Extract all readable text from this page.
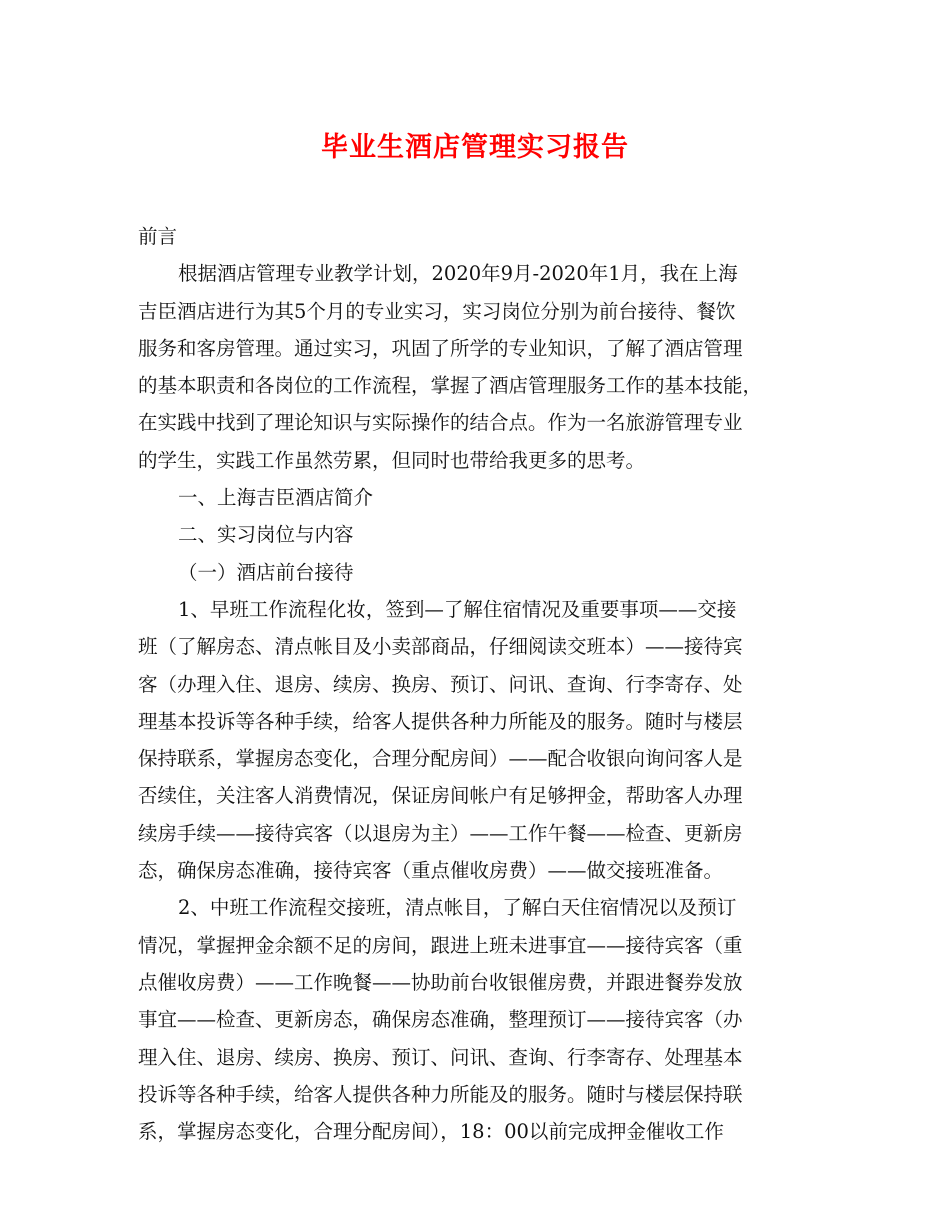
毕业生酒店管理实习报告
前言
根据酒店管理专业教学计划，2020年9月-2020年1月，我在上海
吉臣酒店进行为其5个月的专业实习，实习岗位分别为前台接待、餐饮
服务和客房管理。通过实习，巩固了所学的专业知识，了解了酒店管理
的基本职责和各岗位的工作流程，掌握了酒店管理服务工作的基本技能，
在实践中找到了理论知识与实际操作的结合点。作为一名旅游管理专业
的学生，实践工作虽然劳累，但同时也带给我更多的思考。
一、上海吉臣酒店简介
二、实习岗位与内容
（一）酒店前台接待
1、早班工作流程化妆，签到—了解住宿情况及重要事项——交接
班（了解房态、清点帐目及小卖部商品，仔细阅读交班本）——接待宾
客（办理入住、退房、续房、换房、预订、问讯、查询、行李寄存、处
理基本投诉等各种手续，给客人提供各种力所能及的服务。随时与楼层
保持联系，掌握房态变化，合理分配房间）——配合收银向询问客人是
否续住，关注客人消费情况，保证房间帐户有足够押金，帮助客人办理
续房手续——接待宾客（以退房为主）——工作午餐——检查、更新房
态，确保房态准确，接待宾客（重点催收房费）——做交接班准备。
2、中班工作流程交接班，清点帐目，了解白天住宿情况以及预订
情况，掌握押金余额不足的房间，跟进上班未进事宜——接待宾客（重
点催收房费）——工作晚餐——协助前台收银催房费，并跟进餐券发放
事宜——检查、更新房态，确保房态准确，整理预订——接待宾客（办
理入住、退房、续房、换房、预订、问讯、查询、行李寄存、处理基本
投诉等各种手续，给客人提供各种力所能及的服务。随时与楼层保持联
系，掌握房态变化，合理分配房间），18：00以前完成押金催收工作
